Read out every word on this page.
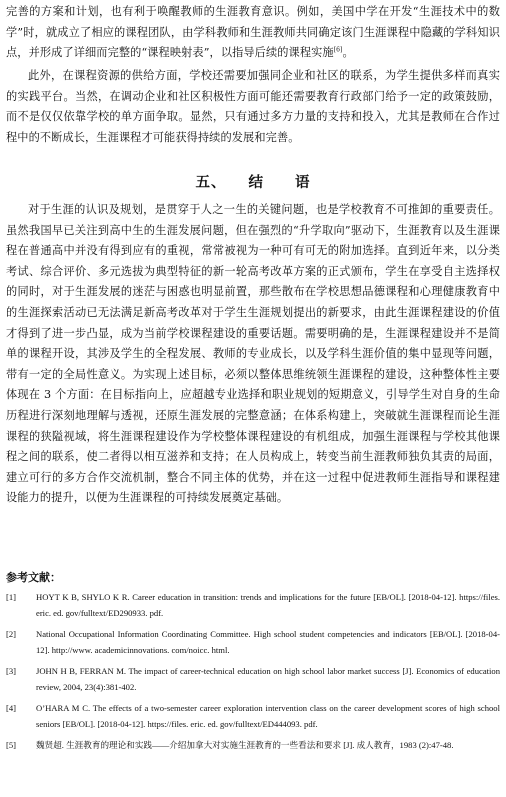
完善的方案和计划，也有利于唤醒教师的生涯教育意识。例如，美国中学在开发“生涯技术中的数学”时，就成立了相应的课程团队，由学科教师和生涯教师共同确定该门生涯课程中隐藏的学科知识点，并形成了详细而完整的“课程映射表”，以指导后续的课程实施[6]。

此外，在课程资源的供给方面，学校还需要加强同企业和社区的联系，为学生提供多样而真实的实践平台。当然，在调动企业和社区积极性方面可能还需要教育行政部门给予一定的政策鼓励，而不是仅仅依靠学校的单方面争取。显然，只有通过多方力量的支持和投入，尤其是教师在合作过程中的不断成长，生涯课程才可能获得持续的发展和完善。

五、 结　　语

对于生涯的认识及规划，是贯穿于人之一生的关键问题，也是学校教育不可推卸的重要责任。虽然我国早已关注到高中生的生涯发展问题，但在强烈的“升学取向”驱动下，生涯教育以及生涯课程在普通高中并没有得到应有的重视，常常被视为一种可有可无的附加选择。直到近年来，以分类考试、综合评价、多元选拔为典型特征的新一轮高考改革方案的正式颁布，学生在享受自主选择权的同时，对于生涯发展的迷茫与困惑也明显前置，那些散布在学校思想品德课程和心理健康教育中的生涯探索活动已无法满足新高考改革对于学生生涯规划提出的新要求，由此生涯课程建设的价值才得到了进一步凸显，成为当前学校课程建设的重要话题。需要明确的是，生涯课程建设并不是简单的课程开设，其涉及学生的全程发展、教师的专业成长，以及学科生涯价值的集中显现等问题，带有一定的全局性意义。为实现上述目标，必须以整体思维统领生涯课程的建设，这种整体性主要体现在 3 个方面：在目标指向上，应超越专业选择和职业规划的短期意义，引导学生对自身的生命历程进行深刻地理解与透视，还原生涯发展的完整意涵；在体系构建上，突破就生涯课程而论生涯课程的狭隘视域，将生涯课程建设作为学校整体课程建设的有机组成，加强生涯课程与学校其他课程之间的联系，使二者得以相互滋养和支持；在人员构成上，转变当前生涯教师独负其责的局面，建立可行的多方合作交流机制，整合不同主体的优势，并在这一过程中促进教师生涯指导和课程建设能力的提升，以便为生涯课程的可持续发展奠定基础。

参考文献：
[1] HOYT K B, SHYLO K R. Career education in transition: trends and implications for the future [EB/OL]. [2018-04-12]. https://files. eric. ed. gov/fulltext/ED290933. pdf.
[2] National Occupational Information Coordinating Committee. High school student competencies and indicators [EB/OL]. [2018-04-12]. http://www. academicinnovations. com/noicc. html.
[3] JOHN H B, FERRAN M. The impact of career-technical education on high school labor market success [J]. Economics of education review, 2004, 23(4):381-402.
[4] O’HARA M C. The effects of a two-semester career exploration intervention class on the career development scores of high school seniors [EB/OL]. [2018-04-12]. https://files. eric. ed. gov/fulltext/ED444093. pdf.
[5] 魏贤超. 生涯教育的理论和实践——介绍加拿大对实施生涯教育的一些看法和要求 [J]. 成人教育，1983 (2):47-48.
